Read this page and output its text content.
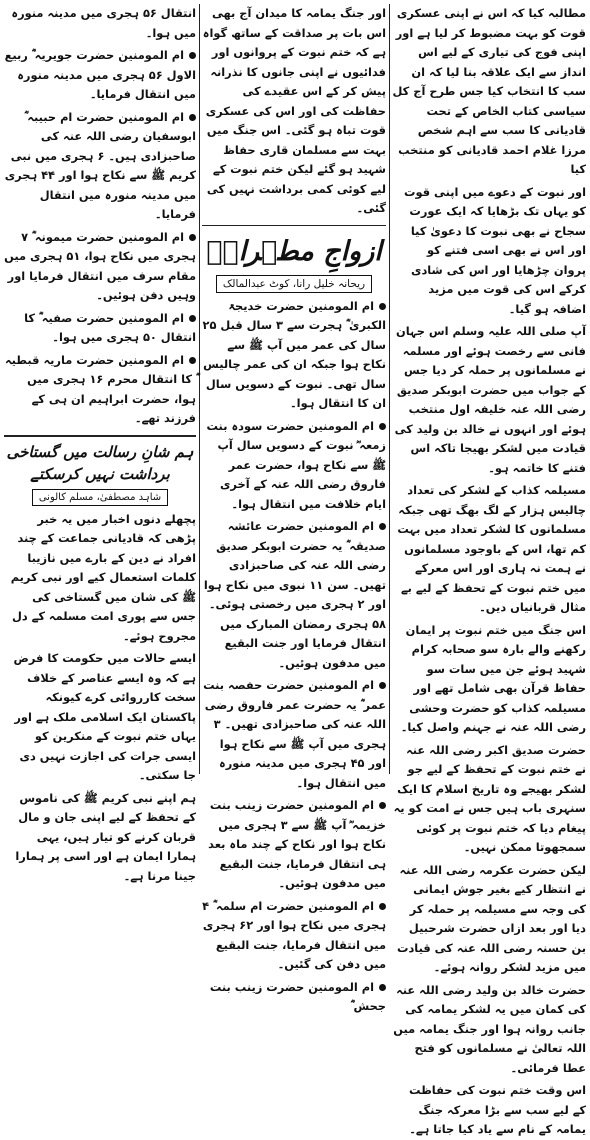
مطالبہ کیا کہ اس نے اپنی عسکری قوت کو بہت مضبوط کر لیا ہے اور اپنی فوج کی تیاری کے لیے اس انداز سے ایک علاقہ بنا لیا کہ ان سب کا انتخاب کیا جس طرح آج کل سیاسی کتاب الخاص کے تحت قادیانی کا سب سے اہم شخص مرزا غلام احمد قادیانی کو منتخب کیا

اور نبوت کے دعوے میں اپنی قوت کو یہاں تک بڑھایا کہ ایک عورت سجاح نے بھی نبوت کا دعویٰ کیا اور اس نے بھی اسی فتنے کو پروان چڑھایا اور اس کی شادی کرکے اس کی قوت میں مزید اضافہ ہو گیا۔

آپ صلی اللہ علیہ وسلم اس جہان فانی سے رخصت ہوئے اور مسلمہ نے مسلمانوں پر حملہ کر دیا جس کے جواب میں حضرت ابوبکر صدیق رضی اللہ عنہ خلیفہ اول منتخب ہوئے اور انہوں نے خالد بن ولید کی قیادت میں لشکر بھیجا تاکہ اس فتنے کا خاتمہ ہو۔

مسیلمہ کذاب کے لشکر کی تعداد چالیس ہزار کے لگ بھگ تھی جبکہ مسلمانوں کا لشکر تعداد میں بہت کم تھا، اس کے باوجود مسلمانوں نے ہمت نہ ہاری اور اس معرکے میں ختم نبوت کے تحفظ کے لیے بے مثال قربانیاں دیں۔

اس جنگ میں ختم نبوت پر ایمان رکھنے والے بارہ سو صحابہ کرام شہید ہوئے جن میں سات سو حفاظ قرآن بھی شامل تھے اور مسیلمہ کذاب کو حضرت وحشی رضی اللہ عنہ نے جہنم واصل کیا۔

حضرت صدیق اکبر رضی اللہ عنہ نے ختم نبوت کے تحفظ کے لیے جو لشکر بھیجے وہ تاریخ اسلام کا ایک سنہری باب ہیں جس نے امت کو یہ پیغام دیا کہ ختم نبوت پر کوئی سمجھوتا ممکن نہیں۔

لیکن حضرت عکرمہ رضی اللہ عنہ نے انتظار کیے بغیر جوش ایمانی کی وجہ سے مسیلمہ پر حملہ کر دیا اور بعد ازاں حضرت شرحبیل بن حسنہ رضی اللہ عنہ کی قیادت میں مزید لشکر روانہ ہوئے۔

حضرت خالد بن ولید رضی اللہ عنہ کی کمان میں یہ لشکر یمامہ کی جانب روانہ ہوا اور جنگ یمامہ میں اللہ تعالیٰ نے مسلمانوں کو فتح عطا فرمائی۔

اس وقت ختم نبوت کی حفاظت کے لیے سب سے بڑا معرکہ جنگ یمامہ کے نام سے یاد کیا جاتا ہے۔

اور جنگ یمامہ کا میدان آج بھی اس بات پر صداقت کے ساتھ گواہ ہے کہ ختم نبوت کے پروانوں اور فدائیوں نے اپنی جانوں کا نذرانہ پیش کر کے اس عقیدے کی حفاظت کی اور اس کی عسکری قوت تباہ ہو گئی۔ اس جنگ میں بہت سے مسلمان قاری حفاظ شہید ہو گئے لیکن ختم نبوت کے لیے کوئی کمی برداشت نہیں کی گئی۔

ازواجِ مطہراتؓ
ریحانہ خلیل رانا، کوٹ عبدالمالک
ام المومنین حضرت خدیجۃ الکبریٰ ؓ ہجرت سے ۳ سال قبل ۲۵ سال کی عمر میں آپ ﷺ سے نکاح ہوا جبکہ ان کی عمر چالیس سال تھی۔ نبوت کے دسویں سال ان کا انتقال ہوا۔
ام المومنین حضرت سودہ بنت زمعہ ؓ نبوت کے دسویں سال آپ ﷺ سے نکاح ہوا، حضرت عمر فاروق رضی اللہ عنہ کے آخری ایام خلافت میں انتقال ہوا۔
ام المومنین حضرت عائشہ صدیقہ ؓ یہ حضرت ابوبکر صدیق رضی اللہ عنہ کی صاحبزادی تھیں۔ سن ۱۱ نبوی میں نکاح ہوا اور ۲ ہجری میں رخصتی ہوئی۔ ۵۸ ہجری رمضان المبارک میں انتقال فرمایا اور جنت البقیع میں مدفون ہوئیں۔
ام المومنین حضرت حفصہ بنت عمر ؓ یہ حضرت عمر فاروق رضی اللہ عنہ کی صاحبزادی تھیں۔ ۳ ہجری میں آپ ﷺ سے نکاح ہوا اور ۴۵ ہجری میں مدینہ منورہ میں انتقال ہوا۔
ام المومنین حضرت زینب بنت خزیمہ ؓ آپ ﷺ سے ۳ ہجری میں نکاح ہوا اور نکاح کے چند ماہ بعد ہی انتقال فرمایا، جنت البقیع میں مدفون ہوئیں۔
ام المومنین حضرت ام سلمہ ؓ ۴ ہجری میں نکاح ہوا اور ۶۲ ہجری میں انتقال فرمایا، جنت البقیع میں دفن کی گئیں۔
ام المومنین حضرت زینب بنت جحش ؓ
انتقال ۵۶ ہجری میں مدینہ منورہ میں ہوا۔
ام المومنین حضرت جویریہ ؓ ربیع الاول ۵۶ ہجری میں مدینہ منورہ میں انتقال فرمایا۔
ام المومنین حضرت ام حبیبہ ؓ ابوسفیان رضی اللہ عنہ کی صاحبزادی ہیں۔ ۶ ہجری میں نبی کریم ﷺ سے نکاح ہوا اور ۴۴ ہجری میں مدینہ منورہ میں انتقال فرمایا۔
ام المومنین حضرت میمونہ ؓ ۷ ہجری میں نکاح ہوا، ۵۱ ہجری میں مقام سرف میں انتقال فرمایا اور وہیں دفن ہوئیں۔
ام المومنین حضرت صفیہ ؓ کا انتقال ۵۰ ہجری میں ہوا۔
ام المومنین حضرت ماریہ قبطیہ کا انتقال محرم ۱۶ ہجری میں ہوا، حضرت ابراہیم ان ہی کے فرزند تھے۔
ہم شانِ رسالت میں گستاخی برداشت نہیں کرسکتے
شاہد مصطفیٰ، مسلم کالونی

پچھلے دنوں اخبار میں یہ خبر پڑھی کہ قادیانی جماعت کے چند افراد نے دین کے بارے میں نازیبا کلمات استعمال کیے اور نبی کریم ﷺ کی شان میں گستاخی کی جس سے پوری امت مسلمہ کے دل مجروح ہوئے۔

ایسے حالات میں حکومت کا فرض ہے کہ وہ ایسے عناصر کے خلاف سخت کارروائی کرے کیونکہ پاکستان ایک اسلامی ملک ہے اور یہاں ختم نبوت کے منکرین کو ایسی جرات کی اجازت نہیں دی جا سکتی۔

ہم اپنے نبی کریم ﷺ کی ناموس کے تحفظ کے لیے اپنی جان و مال قربان کرنے کو تیار ہیں، یہی ہمارا ایمان ہے اور اسی پر ہمارا جینا مرنا ہے۔
